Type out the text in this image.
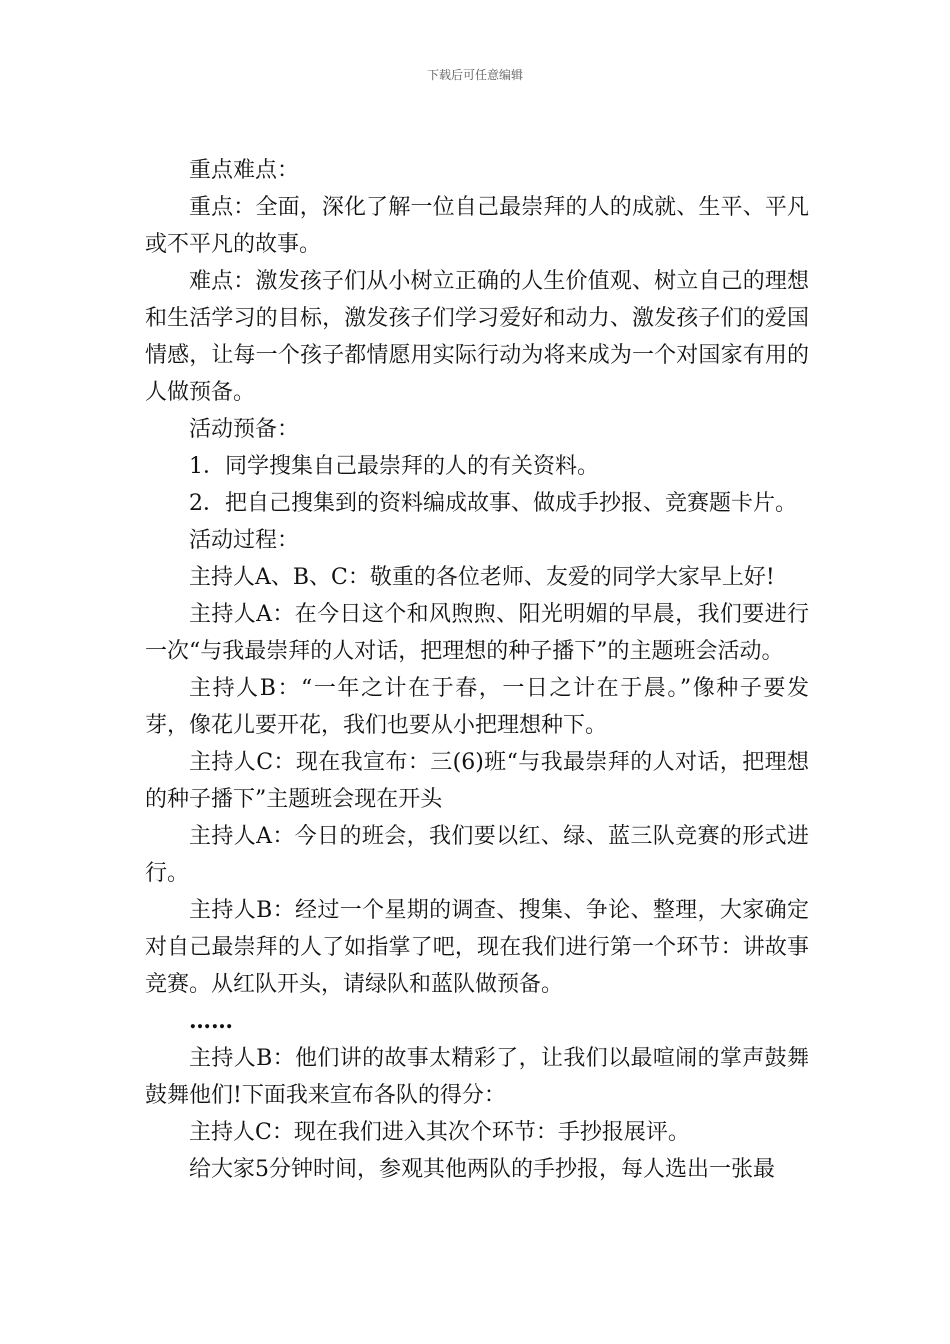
下载后可任意编辑

重点难点：

重点：全面，深化了解一位自己最崇拜的人的成就、生平、平凡或不平凡的故事。

难点：激发孩子们从小树立正确的人生价值观、树立自己的理想和生活学习的目标，激发孩子们学习爱好和动力、激发孩子们的爱国情感，让每一个孩子都情愿用实际行动为将来成为一个对国家有用的人做预备。

活动预备：

1．同学搜集自己最崇拜的人的有关资料。

2．把自己搜集到的资料编成故事、做成手抄报、竞赛题卡片。

活动过程：

主持人A、B、C：敬重的各位老师、友爱的同学大家早上好!

主持人A：在今日这个和风煦煦、阳光明媚的早晨，我们要进行一次“与我最崇拜的人对话，把理想的种子播下”的主题班会活动。

主持人B：“一年之计在于春，一日之计在于晨。”像种子要发芽，像花儿要开花，我们也要从小把理想种下。

主持人C：现在我宣布：三(6)班“与我最崇拜的人对话，把理想的种子播下”主题班会现在开头

主持人A：今日的班会，我们要以红、绿、蓝三队竞赛的形式进行。

主持人B：经过一个星期的调查、搜集、争论、整理，大家确定对自己最崇拜的人了如指掌了吧，现在我们进行第一个环节：讲故事竞赛。从红队开头，请绿队和蓝队做预备。

……

主持人B：他们讲的故事太精彩了，让我们以最喧闹的掌声鼓舞鼓舞他们!下面我来宣布各队的得分：

主持人C：现在我们进入其次个环节：手抄报展评。

给大家5分钟时间，参观其他两队的手抄报，每人选出一张最
